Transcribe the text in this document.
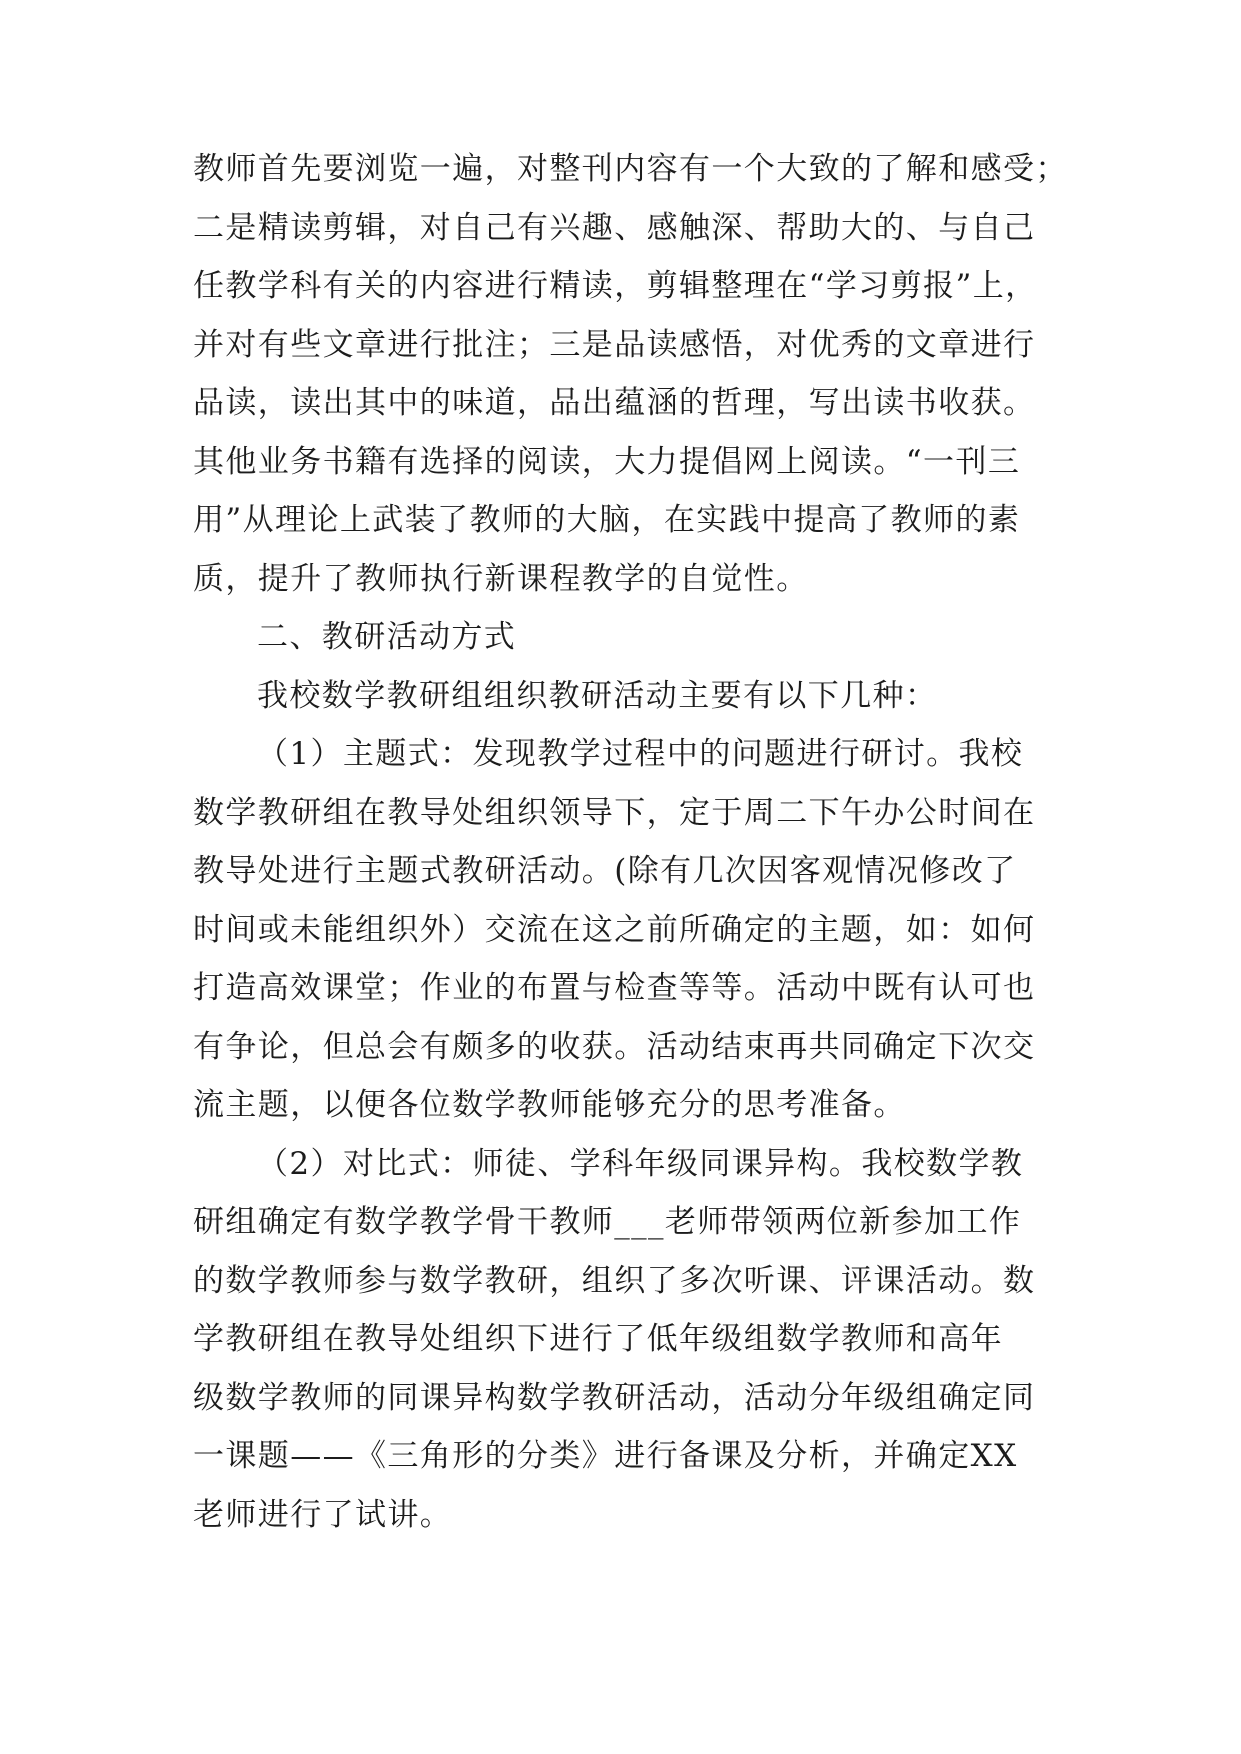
教师首先要浏览一遍，对整刊内容有一个大致的了解和感受；
二是精读剪辑，对自己有兴趣、感触深、帮助大的、与自己
任教学科有关的内容进行精读，剪辑整理在“学习剪报”上，
并对有些文章进行批注；三是品读感悟，对优秀的文章进行
品读，读出其中的味道，品出蕴涵的哲理，写出读书收获。
其他业务书籍有选择的阅读，大力提倡网上阅读。“一刊三
用”从理论上武装了教师的大脑，在实践中提高了教师的素
质，提升了教师执行新课程教学的自觉性。
二、教研活动方式
我校数学教研组组织教研活动主要有以下几种：
（1）主题式：发现教学过程中的问题进行研讨。我校
数学教研组在教导处组织领导下，定于周二下午办公时间在
教导处进行主题式教研活动。(除有几次因客观情况修改了
时间或未能组织外）交流在这之前所确定的主题，如：如何
打造高效课堂；作业的布置与检查等等。活动中既有认可也
有争论，但总会有颇多的收获。活动结束再共同确定下次交
流主题，以便各位数学教师能够充分的思考准备。
（2）对比式：师徒、学科年级同课异构。我校数学教
研组确定有数学教学骨干教师___老师带领两位新参加工作
的数学教师参与数学教研，组织了多次听课、评课活动。数
学教研组在教导处组织下进行了低年级组数学教师和高年
级数学教师的同课异构数学教研活动，活动分年级组确定同
一课题——《三角形的分类》进行备课及分析，并确定XX
老师进行了试讲。
